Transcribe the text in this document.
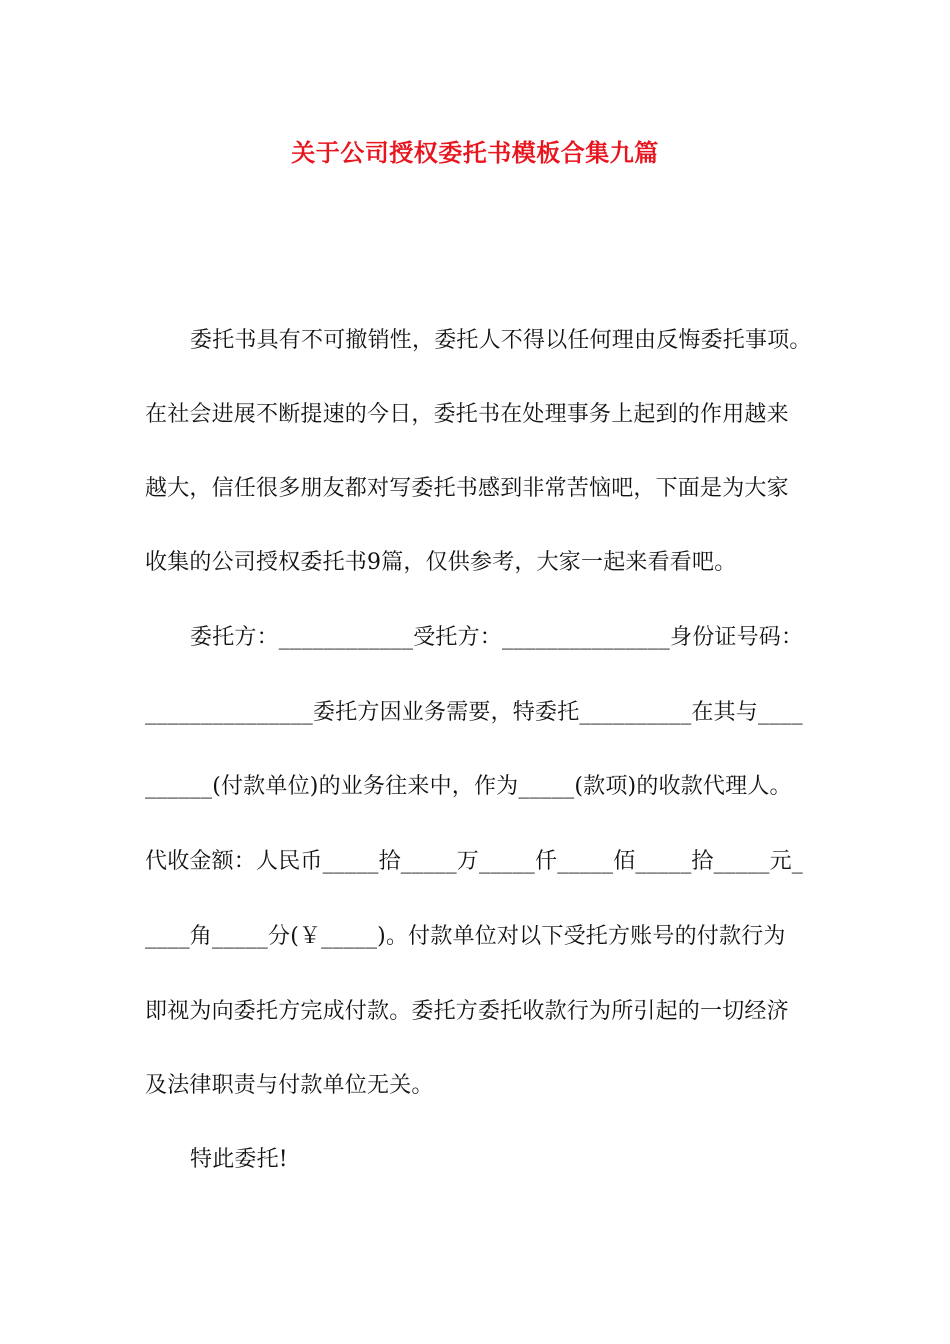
关于公司授权委托书模板合集九篇
委托书具有不可撤销性，委托人不得以任何理由反悔委托事项。
在社会进展不断提速的今日，委托书在处理事务上起到的作用越来
越大，信任很多朋友都对写委托书感到非常苦恼吧，下面是为大家
收集的公司授权委托书9篇，仅供参考，大家一起来看看吧。
委托方：____________受托方：_______________身份证号码：
_______________委托方因业务需要，特委托__________在其与____
______(付款单位)的业务往来中，作为_____(款项)的收款代理人。
代收金额：人民币_____拾_____万_____仟_____佰_____拾_____元_
____角_____分(￥_____)。付款单位对以下受托方账号的付款行为
即视为向委托方完成付款。委托方委托收款行为所引起的一切经济
及法律职责与付款单位无关。
特此委托!
